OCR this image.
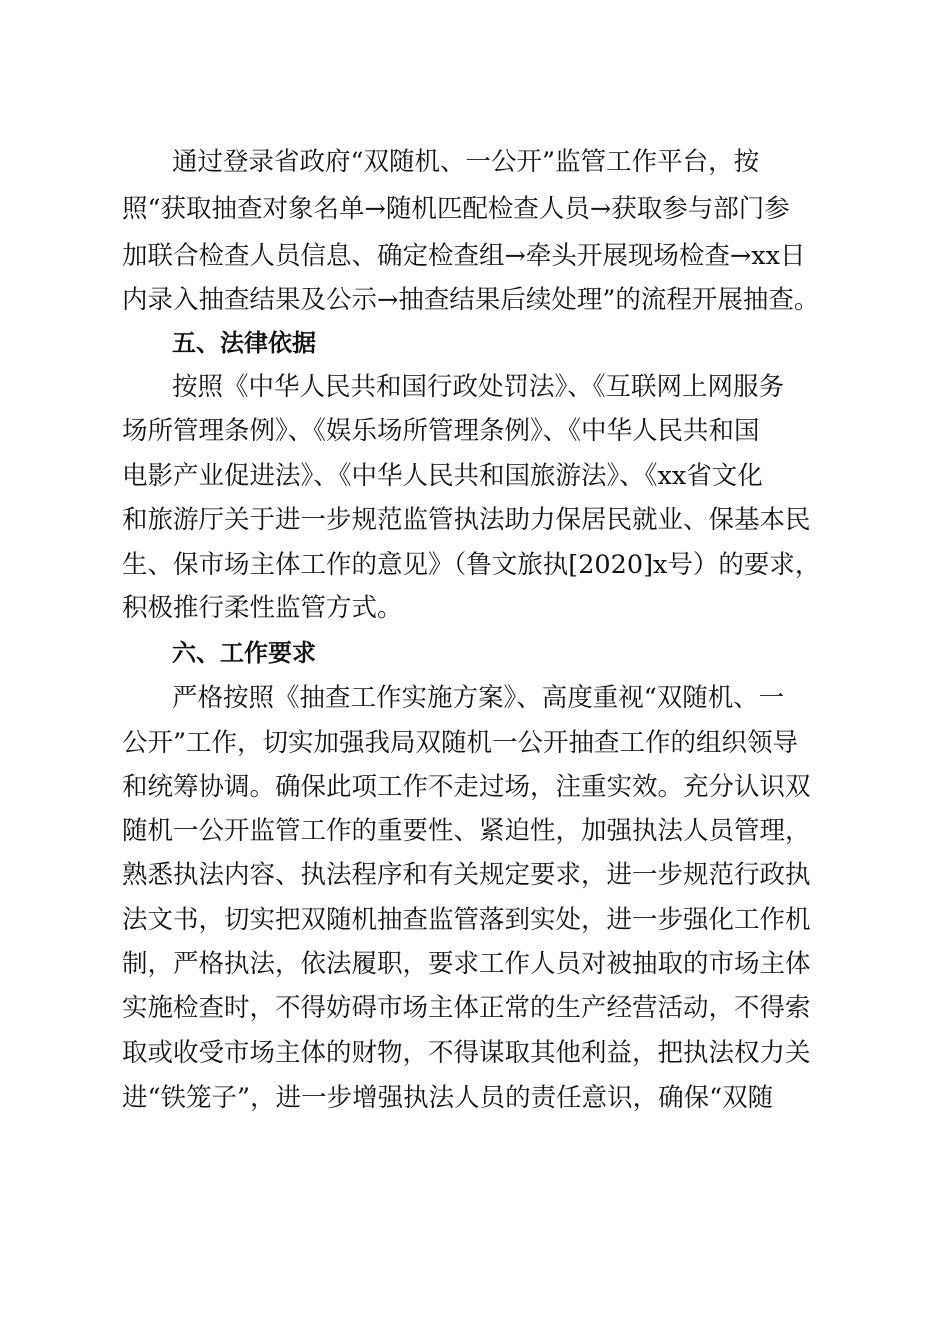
通过登录省政府“双随机、一公开”监管工作平台，按
照“获取抽查对象名单→随机匹配检查人员→获取参与部门参
加联合检查人员信息、确定检查组→牵头开展现场检查→xx日
内录入抽查结果及公示→抽查结果后续处理”的流程开展抽查。
五、法律依据
按照《中华人民共和国行政处罚法》、《互联网上网服务
场所管理条例》、《娱乐场所管理条例》、《中华人民共和国
电影产业促进法》、《中华人民共和国旅游法》、《xx省文化
和旅游厅关于进一步规范监管执法助力保居民就业、保基本民
生、保市场主体工作的意见》（鲁文旅执[2020]x号）的要求，
积极推行柔性监管方式。
六、工作要求
严格按照《抽查工作实施方案》、高度重视“双随机、一
公开”工作，切实加强我局双随机一公开抽查工作的组织领导
和统筹协调。确保此项工作不走过场，注重实效。充分认识双
随机一公开监管工作的重要性、紧迫性，加强执法人员管理，
熟悉执法内容、执法程序和有关规定要求，进一步规范行政执
法文书，切实把双随机抽查监管落到实处，进一步强化工作机
制，严格执法，依法履职，要求工作人员对被抽取的市场主体
实施检查时，不得妨碍市场主体正常的生产经营活动，不得索
取或收受市场主体的财物，不得谋取其他利益，把执法权力关
进“铁笼子”，进一步增强执法人员的责任意识，确保“双随
